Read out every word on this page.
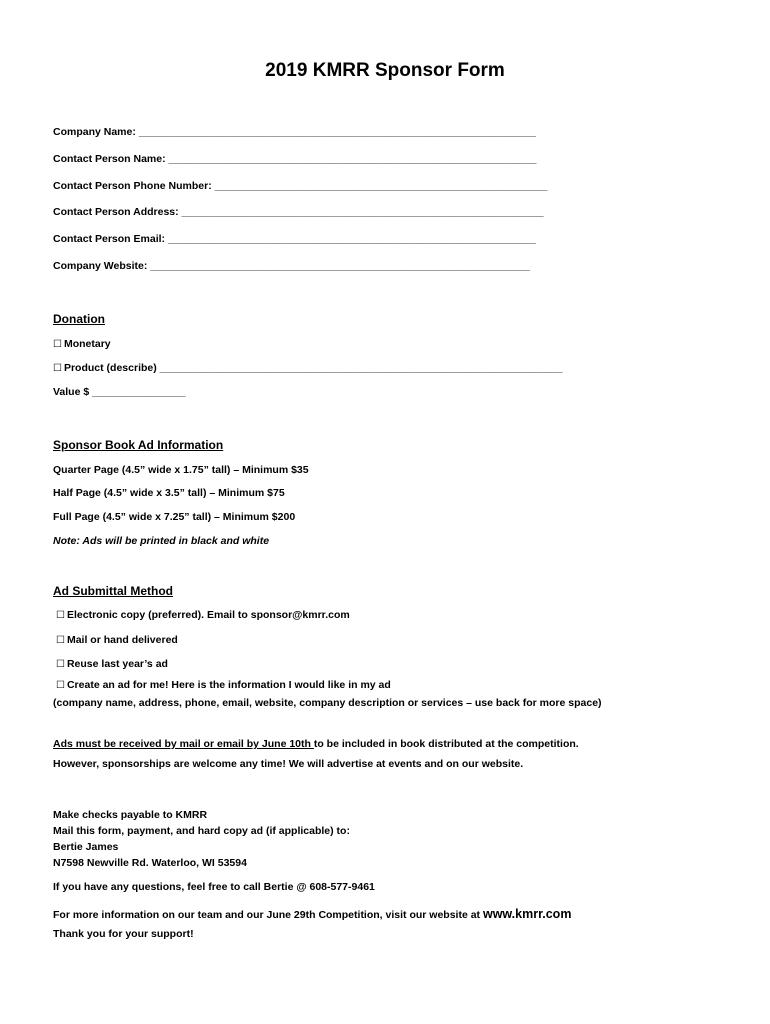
2019 KMRR Sponsor Form
Company Name: ____________________________________________________________________
Contact Person Name: _______________________________________________________________
Contact Person Phone Number: _________________________________________________________
Contact Person Address: ______________________________________________________________
Contact Person Email: _______________________________________________________________
Company Website: _________________________________________________________________
Donation
☐ Monetary
☐ Product (describe) _____________________________________________________________________
Value $ ________________
Sponsor Book Ad Information
Quarter Page (4.5” wide x 1.75” tall) – Minimum $35
Half Page (4.5” wide x 3.5” tall) – Minimum $75
Full Page (4.5” wide x 7.25” tall) – Minimum $200
Note: Ads will be printed in black and white
Ad Submittal Method
☐ Electronic copy (preferred). Email to sponsor@kmrr.com
☐ Mail or hand delivered
☐ Reuse last year’s ad
☐ Create an ad for me! Here is the information I would like in my ad
(company name, address, phone, email, website, company description or services – use back for more space)
Ads must be received by mail or email by June 10th to be included in book distributed at the competition.
However, sponsorships are welcome any time! We will advertise at events and on our website.
Make checks payable to KMRR
Mail this form, payment, and hard copy ad (if applicable) to:
Bertie James
N7598 Newville Rd. Waterloo, WI 53594
If you have any questions, feel free to call Bertie @ 608-577-9461
For more information on our team and our June 29th Competition, visit our website at www.kmrr.com
Thank you for your support!
